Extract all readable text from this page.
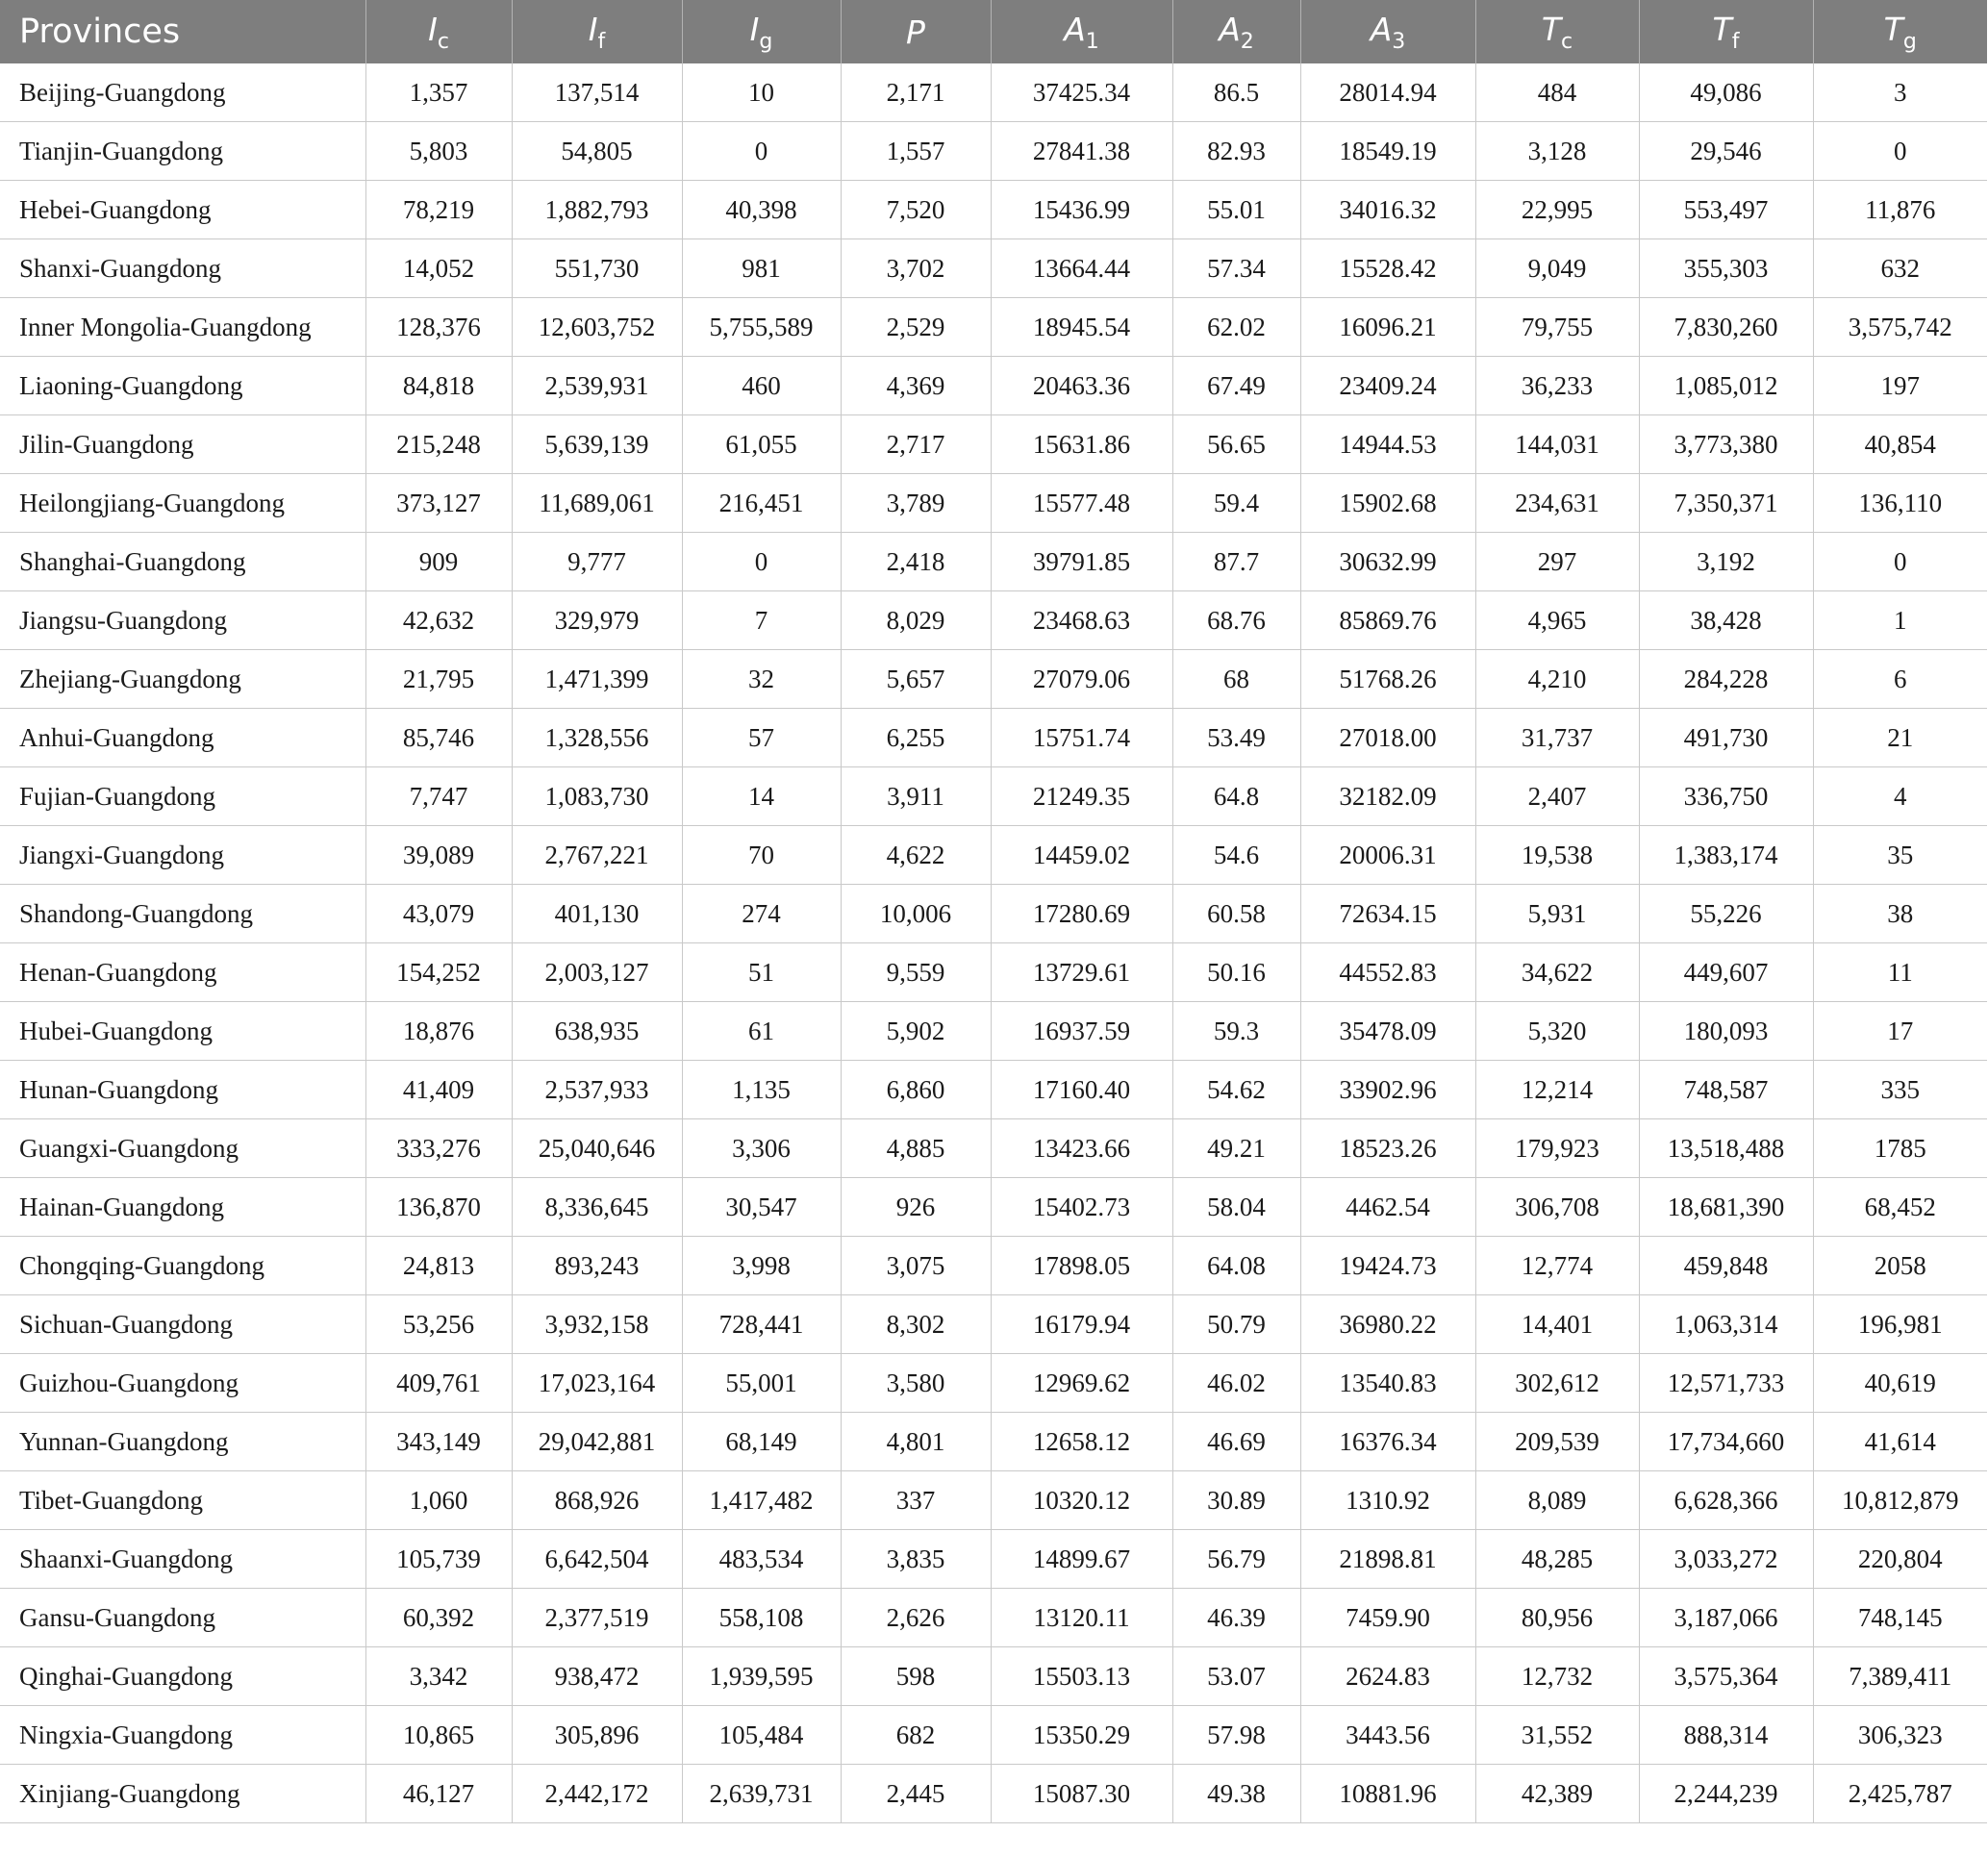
Provinces	$I_c$	$I_f$	$I_g$	P	$A_1$	$A_2$	$A_3$	$T_c$	$T_f$	$T_g$
Beijing-Guangdong	1,357	137,514	10	2,171	37425.34	86.5	28014.94	484	49,086	3
Tianjin-Guangdong	5,803	54,805	0	1,557	27841.38	82.93	18549.19	3,128	29,546	0
Hebei-Guangdong	78,219	1,882,793	40,398	7,520	15436.99	55.01	34016.32	22,995	553,497	11,876
Shanxi-Guangdong	14,052	551,730	981	3,702	13664.44	57.34	15528.42	9,049	355,303	632
Inner Mongolia-Guangdong	128,376	12,603,752	5,755,589	2,529	18945.54	62.02	16096.21	79,755	7,830,260	3,575,742
Liaoning-Guangdong	84,818	2,539,931	460	4,369	20463.36	67.49	23409.24	36,233	1,085,012	197
Jilin-Guangdong	215,248	5,639,139	61,055	2,717	15631.86	56.65	14944.53	144,031	3,773,380	40,854
Heilongjiang-Guangdong	373,127	11,689,061	216,451	3,789	15577.48	59.4	15902.68	234,631	7,350,371	136,110
Shanghai-Guangdong	909	9,777	0	2,418	39791.85	87.7	30632.99	297	3,192	0
Jiangsu-Guangdong	42,632	329,979	7	8,029	23468.63	68.76	85869.76	4,965	38,428	1
Zhejiang-Guangdong	21,795	1,471,399	32	5,657	27079.06	68	51768.26	4,210	284,228	6
Anhui-Guangdong	85,746	1,328,556	57	6,255	15751.74	53.49	27018.00	31,737	491,730	21
Fujian-Guangdong	7,747	1,083,730	14	3,911	21249.35	64.8	32182.09	2,407	336,750	4
Jiangxi-Guangdong	39,089	2,767,221	70	4,622	14459.02	54.6	20006.31	19,538	1,383,174	35
Shandong-Guangdong	43,079	401,130	274	10,006	17280.69	60.58	72634.15	5,931	55,226	38
Henan-Guangdong	154,252	2,003,127	51	9,559	13729.61	50.16	44552.83	34,622	449,607	11
Hubei-Guangdong	18,876	638,935	61	5,902	16937.59	59.3	35478.09	5,320	180,093	17
Hunan-Guangdong	41,409	2,537,933	1,135	6,860	17160.40	54.62	33902.96	12,214	748,587	335
Guangxi-Guangdong	333,276	25,040,646	3,306	4,885	13423.66	49.21	18523.26	179,923	13,518,488	1785
Hainan-Guangdong	136,870	8,336,645	30,547	926	15402.73	58.04	4462.54	306,708	18,681,390	68,452
Chongqing-Guangdong	24,813	893,243	3,998	3,075	17898.05	64.08	19424.73	12,774	459,848	2058
Sichuan-Guangdong	53,256	3,932,158	728,441	8,302	16179.94	50.79	36980.22	14,401	1,063,314	196,981
Guizhou-Guangdong	409,761	17,023,164	55,001	3,580	12969.62	46.02	13540.83	302,612	12,571,733	40,619
Yunnan-Guangdong	343,149	29,042,881	68,149	4,801	12658.12	46.69	16376.34	209,539	17,734,660	41,614
Tibet-Guangdong	1,060	868,926	1,417,482	337	10320.12	30.89	1310.92	8,089	6,628,366	10,812,879
Shaanxi-Guangdong	105,739	6,642,504	483,534	3,835	14899.67	56.79	21898.81	48,285	3,033,272	220,804
Gansu-Guangdong	60,392	2,377,519	558,108	2,626	13120.11	46.39	7459.90	80,956	3,187,066	748,145
Qinghai-Guangdong	3,342	938,472	1,939,595	598	15503.13	53.07	2624.83	12,732	3,575,364	7,389,411
Ningxia-Guangdong	10,865	305,896	105,484	682	15350.29	57.98	3443.56	31,552	888,314	306,323
Xinjiang-Guangdong	46,127	2,442,172	2,639,731	2,445	15087.30	49.38	10881.96	42,389	2,244,239	2,425,787
